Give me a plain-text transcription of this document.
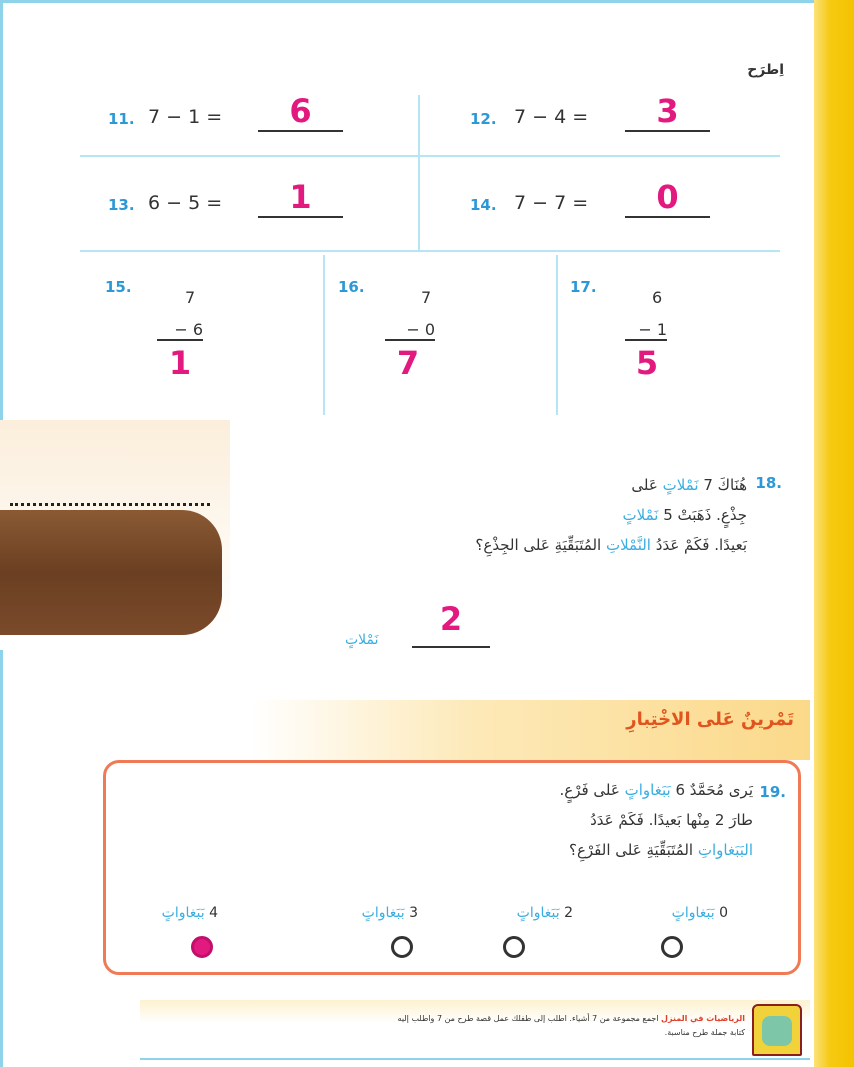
اِطرَح
11. 7 − 1 =	6	12. 7 − 4 =	3
13. 6 − 5 =	1	14. 7 − 7 =	0
15.
7
− 6
1
16.
7
− 0
7
17.
6
− 1
5
18.
هُنَاكَ 7 نَمْلاتٍ عَلى
جِذْعٍ. ذَهَبَتْ 5 نَمْلاتٍ
بَعيدًا. فَكَمْ عَدَدُ النَّمْلاتِ المُتَبَقِّيَةِ عَلى الجِذْعِ؟
2
نَمْلاتٍ
تَمْرينٌ عَلى الاخْتِبارِ
19.
يَرى مُحَمَّدٌ 6 بَبَغاواتٍ عَلى فَرْعٍ.
طارَ 2 مِنْها بَعيدًا. فَكَمْ عَدَدُ
البَبَغاواتِ المُتَبَقِّيَةِ عَلى الفَرْعِ؟
0 بَبَغاواتٍ
2 بَبَغاواتٍ
3 بَبَغاواتٍ
4 بَبَغاواتٍ
الرياضيات في المنزل اجمع مجموعة من 7 أشياء. اطلب إلى طفلك عمل قصة طرح من 7 واطلب إليه
كتابة جملة طرح مناسبة.
